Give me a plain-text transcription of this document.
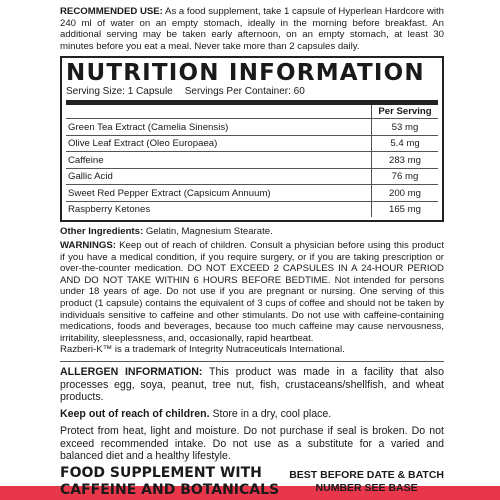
RECOMMENDED USE: As a food supplement, take 1 capsule of Hyperlean Hardcore with 240 ml of water on an empty stomach, ideally in the morning before breakfast. An additional serving may be taken early afternoon, on an empty stomach, at least 30 minutes before you eat a meal. Never take more than 2 capsules daily.

NUTRITION INFORMATION
Serving Size: 1 Capsule Servings Per Container: 60
	Per Serving
Green Tea Extract (Camelia Sinensis)	53 mg
Olive Leaf Extract (Oleo Europaea)	5.4 mg
Caffeine	283 mg
Gallic Acid	76 mg
Sweet Red Pepper Extract (Capsicum Annuum)	200 mg
Raspberry Ketones	165 mg

Other Ingredients: Gelatin, Magnesium Stearate.

WARNINGS: Keep out of reach of children. Consult a physician before using this product if you have a medical condition, if you require surgery, or if you are taking prescription or over-the-counter medication. DO NOT EXCEED 2 CAPSULES IN A 24-HOUR PERIOD AND DO NOT TAKE WITHIN 6 HOURS BEFORE BEDTIME. Not intended for persons under 18 years of age. Do not use if you are pregnant or nursing. One serving of this product (1 capsule) contains the equivalent of 3 cups of coffee and should not be taken by individuals sensitive to caffeine and other stimulants. Do not use with caffeine-containing medications, foods and beverages, because too much caffeine may cause nervousness, irritability, sleeplessness, and, occasionally, rapid heartbeat.

Razberi-K™ is a trademark of Integrity Nutraceuticals International.

ALLERGEN INFORMATION: This product was made in a facility that also processes egg, soya, peanut, tree nut, fish, crustaceans/shellfish, and wheat products.

Keep out of reach of children. Store in a dry, cool place.

Protect from heat, light and moisture. Do not purchase if seal is broken. Do not exceed recommended intake. Do not use as a substitute for a varied and balanced diet and a healthy lifestyle.

FOOD SUPPLEMENT WITH
CAFFEINE AND BOTANICALS
BEST BEFORE DATE & BATCH
NUMBER SEE BASE
